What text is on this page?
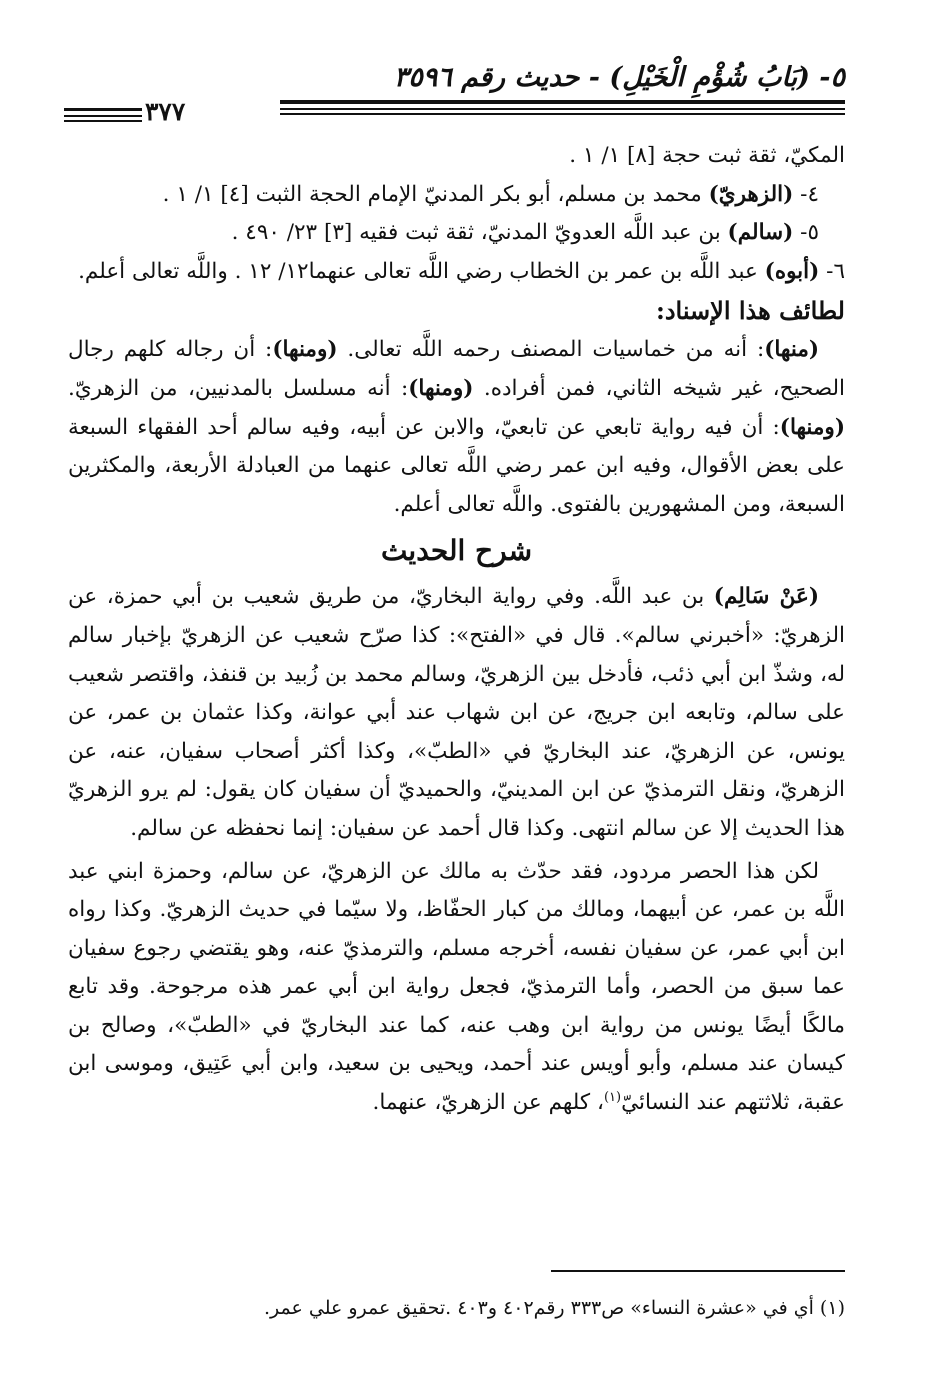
٥- (بَابُ شُؤْمِ الْخَيْلِ) - حديث رقم ٣٥٩٦
٣٧٧

المكيّ، ثقة ثبت حجة [٨] ١/ ١ .

٤- (الزهريّ) محمد بن مسلم، أبو بكر المدنيّ الإمام الحجة الثبت [٤] ١/ ١ .

٥- (سالم) بن عبد اللَّه العدويّ المدنيّ، ثقة ثبت فقيه [٣] ٢٣/ ٤٩٠ .

٦- (أبوه) عبد اللَّه بن عمر بن الخطاب رضي اللَّه تعالى عنهما١٢/ ١٢ . واللَّه تعالى أعلم.

لطائف هذا الإسناد:

(منها): أنه من خماسيات المصنف رحمه اللَّه تعالى. (ومنها): أن رجاله كلهم رجال الصحيح، غير شيخه الثاني، فمن أفراده. (ومنها): أنه مسلسل بالمدنيين، من الزهريّ. (ومنها): أن فيه رواية تابعي عن تابعيّ، والابن عن أبيه، وفيه سالم أحد الفقهاء السبعة على بعض الأقوال، وفيه ابن عمر رضي اللَّه تعالى عنهما من العبادلة الأربعة، والمكثرين السبعة، ومن المشهورين بالفتوى. واللَّه تعالى أعلم.

شرح الحديث

(عَنْ سَالِم) بن عبد اللَّه. وفي رواية البخاريّ، من طريق شعيب بن أبي حمزة، عن الزهريّ: «أخبرني سالم». قال في «الفتح»: كذا صرّح شعيب عن الزهريّ بإخبار سالم له، وشذّ ابن أبي ذئب، فأدخل بين الزهريّ، وسالم محمد بن زُبيد بن قنفذ، واقتصر شعيب على سالم، وتابعه ابن جريج، عن ابن شهاب عند أبي عوانة، وكذا عثمان بن عمر، عن يونس، عن الزهريّ، عند البخاريّ في «الطبّ»، وكذا أكثر أصحاب سفيان، عنه، عن الزهريّ، ونقل الترمذيّ عن ابن المدينيّ، والحميديّ أن سفيان كان يقول: لم يرو الزهريّ هذا الحديث إلا عن سالم انتهى. وكذا قال أحمد عن سفيان: إنما نحفظه عن سالم.

لكن هذا الحصر مردود، فقد حدّث به مالك عن الزهريّ، عن سالم، وحمزة ابني عبد اللَّه بن عمر، عن أبيهما، ومالك من كبار الحفّاظ، ولا سيّما في حديث الزهريّ. وكذا رواه ابن أبي عمر، عن سفيان نفسه، أخرجه مسلم، والترمذيّ عنه، وهو يقتضي رجوع سفيان عما سبق من الحصر، وأما الترمذيّ، فجعل رواية ابن أبي عمر هذه مرجوحة. وقد تابع مالكًا أيضًا يونس من رواية ابن وهب عنه، كما عند البخاريّ في «الطبّ»، وصالح بن كيسان عند مسلم، وأبو أويس عند أحمد، ويحيى بن سعيد، وابن أبي عَتِيق، وموسى ابن عقبة، ثلاثتهم عند النسائيّ$^{(١)}$، كلهم عن الزهريّ، عنهما.

(١) أي في «عشرة النساء» ص٣٣٣ رقم٤٠٢ و٤٠٣ .تحقيق عمرو علي عمر.
